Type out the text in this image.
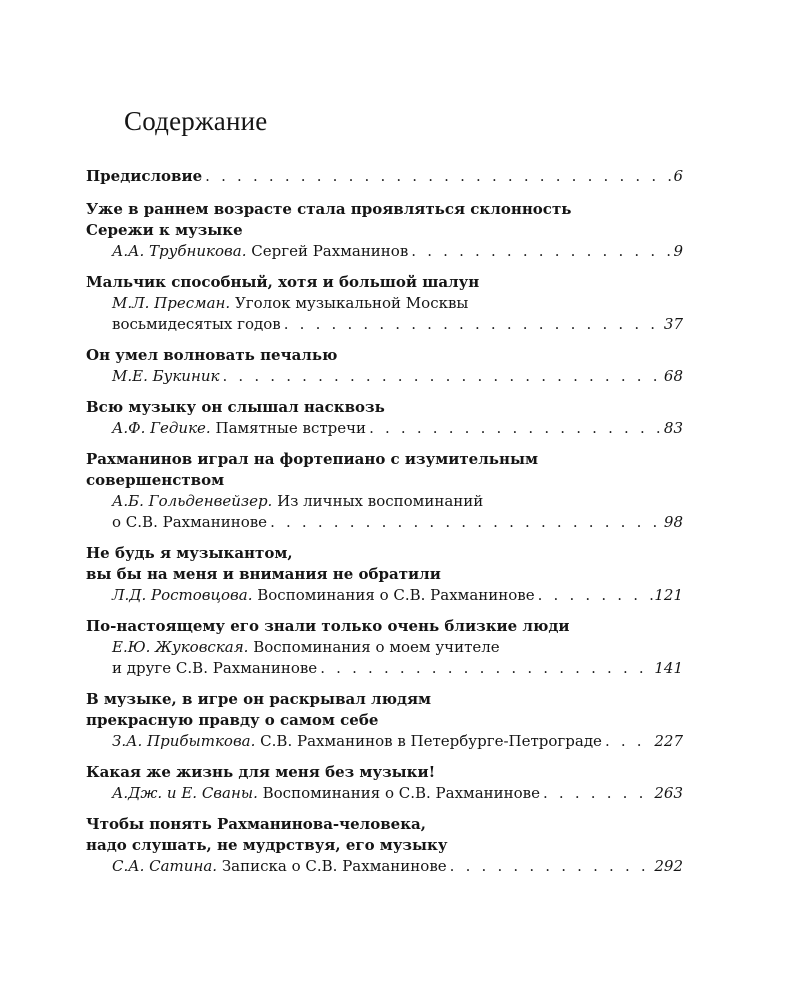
Содержание
Предисловие . . .	6
Уже в раннем возрасте стала проявляться склонность
Сережи к музыке
А.А. Трубникова. Сергей Рахманинов . . .	9
Мальчик способный, хотя и большой шалун
М.Л. Пресман. Уголок музыкальной Москвы
восьмидесятых годов . . .	37
Он умел волновать печалью
М.Е. Букиник . . .	68
Всю музыку он слышал насквозь
А.Ф. Гедике. Памятные встречи . . .	83
Рахманинов играл на фортепиано с изумительным
совершенством
А.Б. Гольденвейзер. Из личных воспоминаний
о С.В. Рахманинове . . .	98
Не будь я музыкантом,
вы бы на меня и внимания не обратили
Л.Д. Ростовцова. Воспоминания о С.В. Рахманинове . . .	121
По-настоящему его знали только очень близкие люди
Е.Ю. Жуковская. Воспоминания о моем учителе
и друге С.В. Рахманинове . . .	141
В музыке, в игре он раскрывал людям
прекрасную правду о самом себе
З.А. Прибыткова. С.В. Рахманинов в Петербурге-Петрограде . . .	227
Какая же жизнь для меня без музыки!
А.Дж. и Е. Сваны. Воспоминания о С.В. Рахманинове . . .	263
Чтобы понять Рахманинова-человека,
надо слушать, не мудрствуя, его музыку
С.А. Сатина. Записка о С.В. Рахманинове . . .	292
